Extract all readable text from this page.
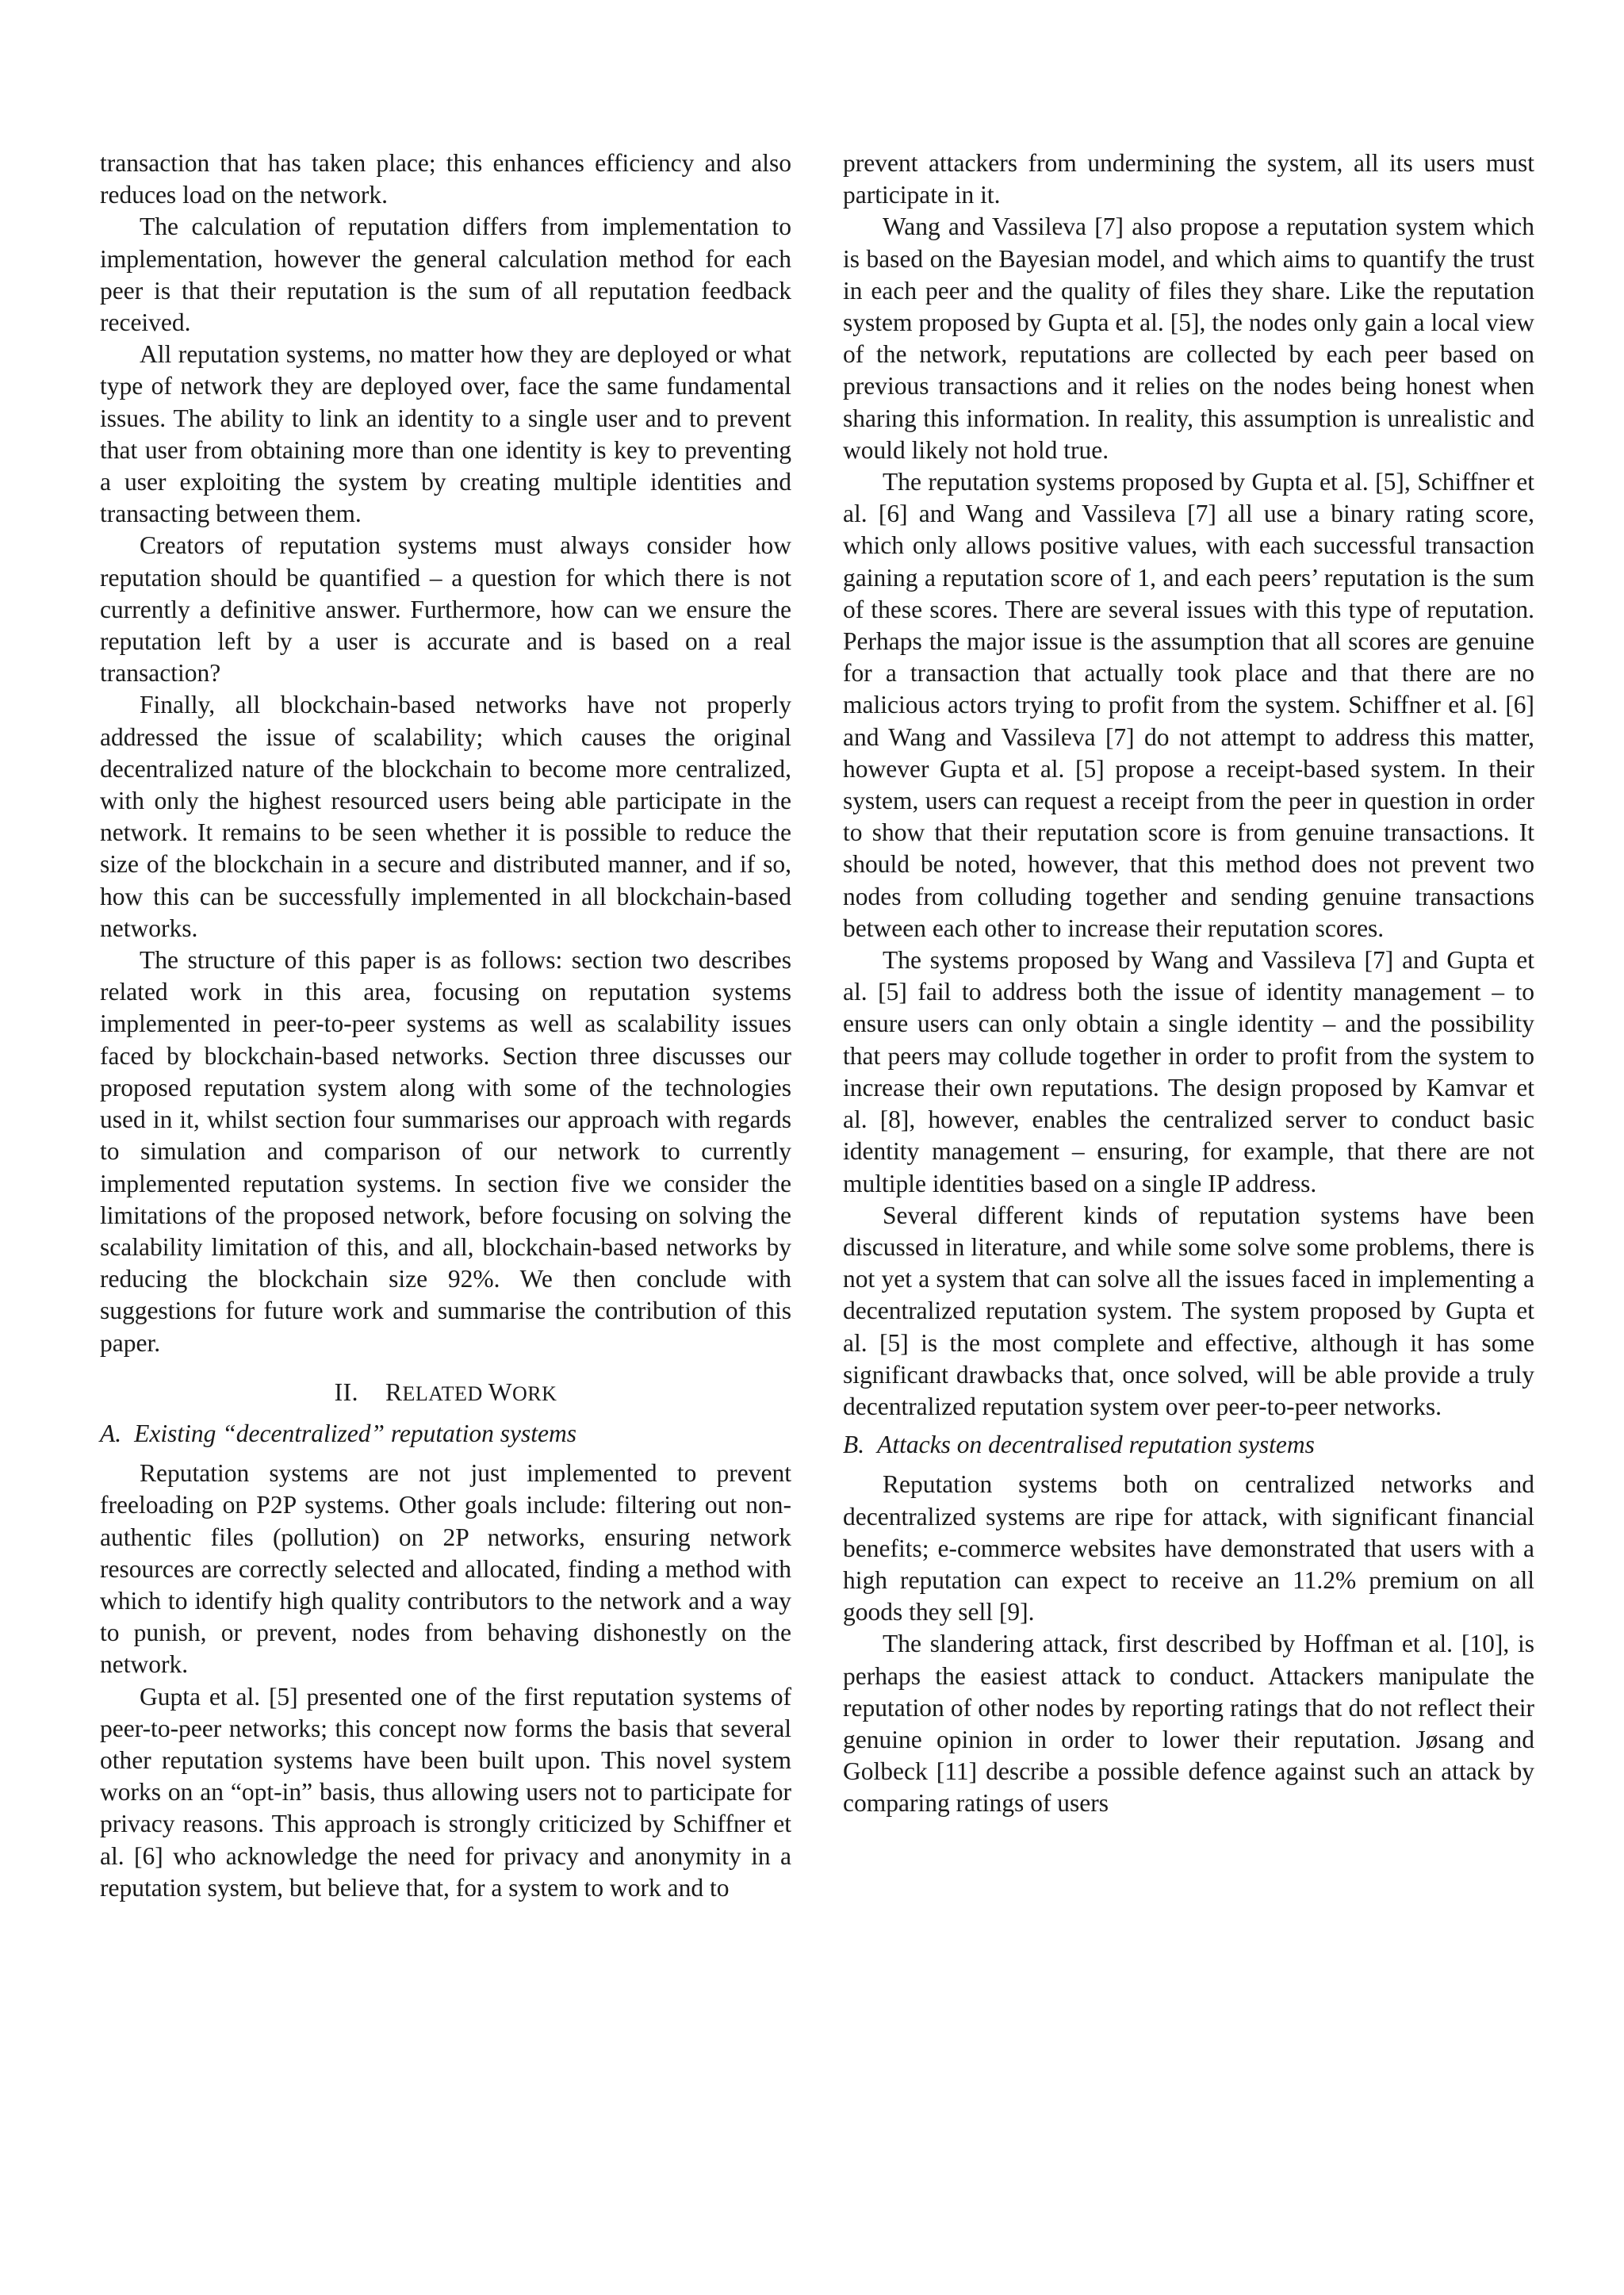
transaction that has taken place; this enhances efficiency and also reduces load on the network.

The calculation of reputation differs from implementation to implementation, however the general calculation method for each peer is that their reputation is the sum of all reputation feedback received.

All reputation systems, no matter how they are deployed or what type of network they are deployed over, face the same fundamental issues. The ability to link an identity to a single user and to prevent that user from obtaining more than one identity is key to preventing a user exploiting the system by creating multiple identities and transacting between them.

Creators of reputation systems must always consider how reputation should be quantified – a question for which there is not currently a definitive answer. Furthermore, how can we ensure the reputation left by a user is accurate and is based on a real transaction?

Finally, all blockchain-based networks have not properly addressed the issue of scalability; which causes the original decentralized nature of the blockchain to become more centralized, with only the highest resourced users being able participate in the network. It remains to be seen whether it is possible to reduce the size of the blockchain in a secure and distributed manner, and if so, how this can be successfully implemented in all blockchain-based networks.

The structure of this paper is as follows: section two describes related work in this area, focusing on reputation systems implemented in peer-to-peer systems as well as scalability issues faced by blockchain-based networks. Section three discusses our proposed reputation system along with some of the technologies used in it, whilst section four summarises our approach with regards to simulation and comparison of our network to currently implemented reputation systems. In section five we consider the limitations of the proposed network, before focusing on solving the scalability limitation of this, and all, blockchain-based networks by reducing the blockchain size 92%. We then conclude with suggestions for future work and summarise the contribution of this paper.

II. RELATED WORK
A. Existing “decentralized” reputation systems

Reputation systems are not just implemented to prevent freeloading on P2P systems. Other goals include: filtering out non-authentic files (pollution) on 2P networks, ensuring network resources are correctly selected and allocated, finding a method with which to identify high quality contributors to the network and a way to punish, or prevent, nodes from behaving dishonestly on the network.

Gupta et al. [5] presented one of the first reputation systems of peer-to-peer networks; this concept now forms the basis that several other reputation systems have been built upon. This novel system works on an “opt-in” basis, thus allowing users not to participate for privacy reasons. This approach is strongly criticized by Schiffner et al. [6] who acknowledge the need for privacy and anonymity in a reputation system, but believe that, for a system to work and to

prevent attackers from undermining the system, all its users must participate in it.

Wang and Vassileva [7] also propose a reputation system which is based on the Bayesian model, and which aims to quantify the trust in each peer and the quality of files they share. Like the reputation system proposed by Gupta et al. [5], the nodes only gain a local view of the network, reputations are collected by each peer based on previous transactions and it relies on the nodes being honest when sharing this information. In reality, this assumption is unrealistic and would likely not hold true.

The reputation systems proposed by Gupta et al. [5], Schiffner et al. [6] and Wang and Vassileva [7] all use a binary rating score, which only allows positive values, with each successful transaction gaining a reputation score of 1, and each peers’ reputation is the sum of these scores. There are several issues with this type of reputation. Perhaps the major issue is the assumption that all scores are genuine for a transaction that actually took place and that there are no malicious actors trying to profit from the system. Schiffner et al. [6] and Wang and Vassileva [7] do not attempt to address this matter, however Gupta et al. [5] propose a receipt-based system. In their system, users can request a receipt from the peer in question in order to show that their reputation score is from genuine transactions. It should be noted, however, that this method does not prevent two nodes from colluding together and sending genuine transactions between each other to increase their reputation scores.

The systems proposed by Wang and Vassileva [7] and Gupta et al. [5] fail to address both the issue of identity management – to ensure users can only obtain a single identity – and the possibility that peers may collude together in order to profit from the system to increase their own reputations. The design proposed by Kamvar et al. [8], however, enables the centralized server to conduct basic identity management – ensuring, for example, that there are not multiple identities based on a single IP address.

Several different kinds of reputation systems have been discussed in literature, and while some solve some problems, there is not yet a system that can solve all the issues faced in implementing a decentralized reputation system. The system proposed by Gupta et al. [5] is the most complete and effective, although it has some significant drawbacks that, once solved, will be able provide a truly decentralized reputation system over peer-to-peer networks.

B. Attacks on decentralised reputation systems

Reputation systems both on centralized networks and decentralized systems are ripe for attack, with significant financial benefits; e-commerce websites have demonstrated that users with a high reputation can expect to receive an 11.2% premium on all goods they sell [9].

The slandering attack, first described by Hoffman et al. [10], is perhaps the easiest attack to conduct. Attackers manipulate the reputation of other nodes by reporting ratings that do not reflect their genuine opinion in order to lower their reputation. Jøsang and Golbeck [11] describe a possible defence against such an attack by comparing ratings of users
